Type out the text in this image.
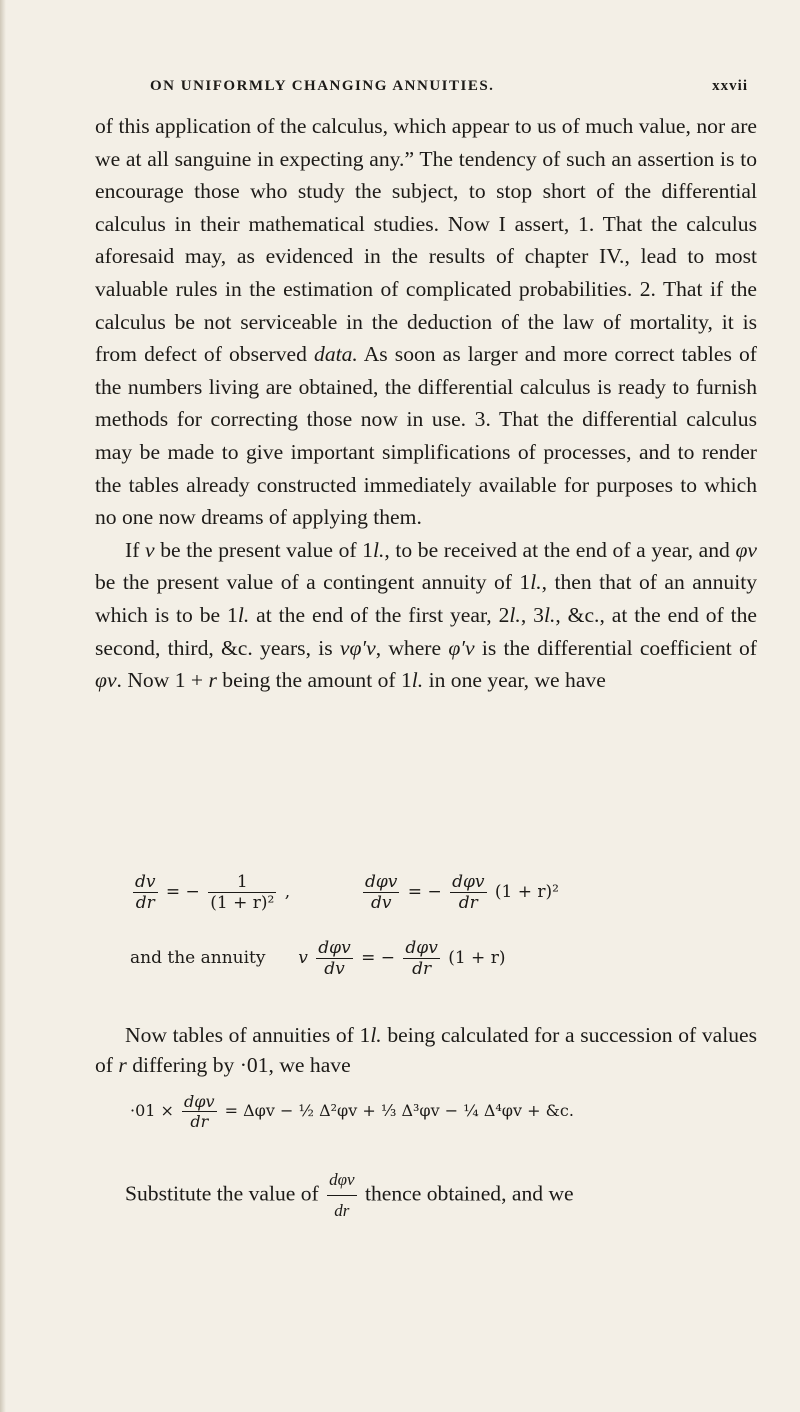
ON UNIFORMLY CHANGING ANNUITIES.	xxvii

of this application of the calculus, which appear to us of much value, nor are we at all sanguine in expecting any.” The tendency of such an assertion is to encourage those who study the subject, to stop short of the differential calculus in their mathematical studies. Now I assert, 1. That the calculus aforesaid may, as evidenced in the results of chapter IV., lead to most valuable rules in the estimation of complicated probabilities. 2. That if the calculus be not serviceable in the deduction of the law of mortality, it is from defect of observed data. As soon as larger and more correct tables of the numbers living are obtained, the differential calculus is ready to furnish methods for correcting those now in use. 3. That the differential calculus may be made to give important simplifications of processes, and to render the tables already constructed immediately available for purposes to which no one now dreams of applying them.

If v be the present value of 1l., to be received at the end of a year, and φv be the present value of a contingent annuity of 1l., then that of an annuity which is to be 1l. at the end of the first year, 2l., 3l., &c., at the end of the second, third, &c. years, is vφ′v, where φ′v is the differential coefficient of φv. Now 1 + r being the amount of 1l. in one year, we have

$\frac{dv}{dr}$ = − $\frac{1}{\text{(1 + r)²}}$ ,	$\frac{\text{dφv}}{dv}$ = − $\frac{\text{dφv}}{dr} (1 + r)^2$
and the annuity v $\frac{\text{dφv}}{dv}$ = − $\frac{\text{dφv}}{dr} (1 + r)$
Now tables of annuities of 1l. being calculated for a succession of values of r differing by ·01, we have
$\cdot 01 \times \frac{\text{dφv}}{dr} = \Delta\varphi v$ − ½ Δ²φv + ⅓ Δ³φv − ¼ Δ⁴φv + &c.
Substitute the value of $\frac{\text{dφv}}{dr}$ thence obtained, and we
